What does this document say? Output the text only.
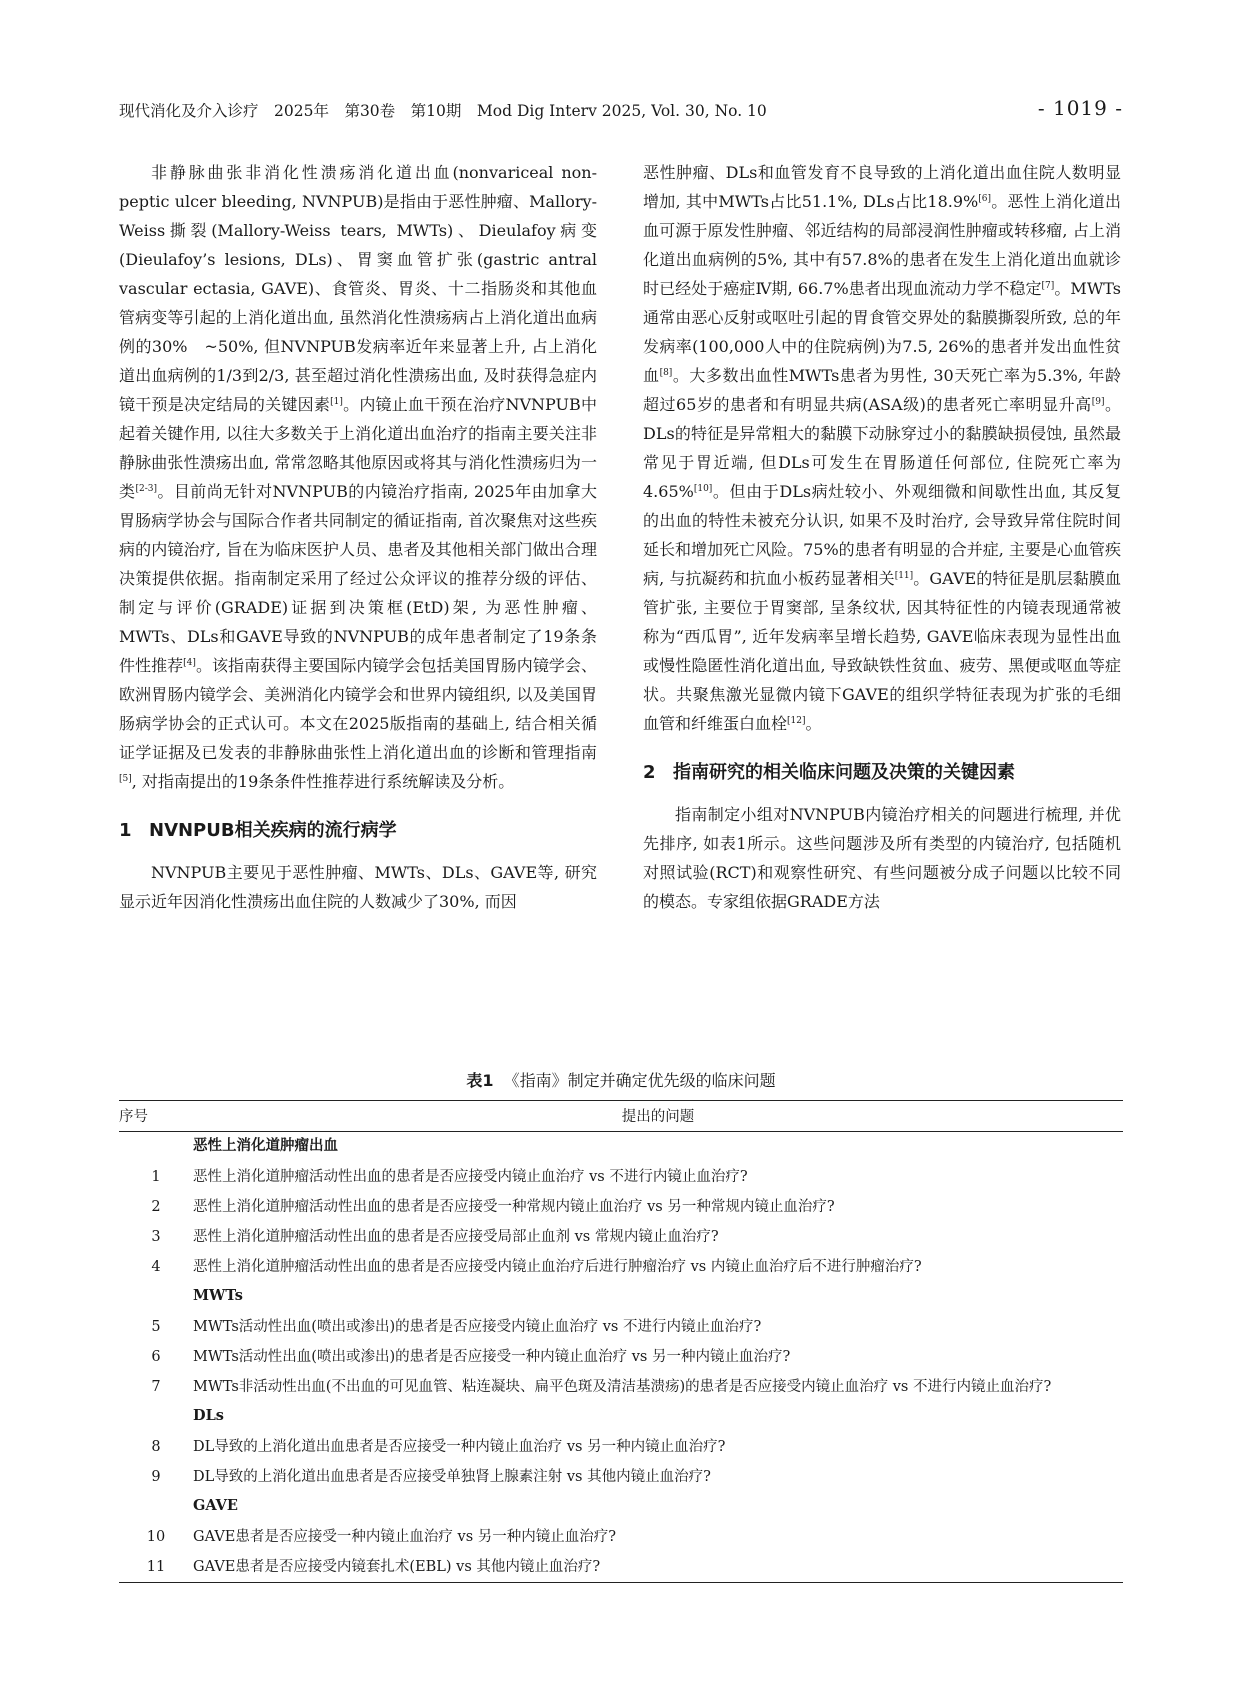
现代消化及介入诊疗　2025年　第30卷　第10期　Mod Dig Interv 2025, Vol. 30, No. 10	- 1019 -

非静脉曲张非消化性溃疡消化道出血(nonvariceal non-peptic ulcer bleeding, NVNPUB)是指由于恶性肿瘤、Mallory-Weiss撕裂(Mallory-Weiss tears, MWTs)、Dieulafoy病变(Dieulafoy’s lesions, DLs)、胃窦血管扩张(gastric antral vascular ectasia, GAVE)、食管炎、胃炎、十二指肠炎和其他血管病变等引起的上消化道出血, 虽然消化性溃疡病占上消化道出血病例的30%　~50%, 但NVNPUB发病率近年来显著上升, 占上消化道出血病例的1/3到2/3, 甚至超过消化性溃疡出血, 及时获得急症内镜干预是决定结局的关键因素[1]。内镜止血干预在治疗NVNPUB中起着关键作用, 以往大多数关于上消化道出血治疗的指南主要关注非静脉曲张性溃疡出血, 常常忽略其他原因或将其与消化性溃疡归为一类[2-3]。目前尚无针对NVNPUB的内镜治疗指南, 2025年由加拿大胃肠病学协会与国际合作者共同制定的循证指南, 首次聚焦对这些疾病的内镜治疗, 旨在为临床医护人员、患者及其他相关部门做出合理决策提供依据。指南制定采用了经过公众评议的推荐分级的评估、制定与评价(GRADE)证据到决策框(EtD)架, 为恶性肿瘤、MWTs、DLs和GAVE导致的NVNPUB的成年患者制定了19条条件性推荐[4]。该指南获得主要国际内镜学会包括美国胃肠内镜学会、欧洲胃肠内镜学会、美洲消化内镜学会和世界内镜组织, 以及美国胃肠病学协会的正式认可。本文在2025版指南的基础上, 结合相关循证学证据及已发表的非静脉曲张性上消化道出血的诊断和管理指南[5], 对指南提出的19条条件性推荐进行系统解读及分析。

1 NVNPUB相关疾病的流行病学

NVNPUB主要见于恶性肿瘤、MWTs、DLs、GAVE等, 研究显示近年因消化性溃疡出血住院的人数减少了30%, 而因

恶性肿瘤、DLs和血管发育不良导致的上消化道出血住院人数明显增加, 其中MWTs占比51.1%, DLs占比18.9%[6]。恶性上消化道出血可源于原发性肿瘤、邻近结构的局部浸润性肿瘤或转移瘤, 占上消化道出血病例的5%, 其中有57.8%的患者在发生上消化道出血就诊时已经处于癌症Ⅳ期, 66.7%患者出现血流动力学不稳定[7]。MWTs通常由恶心反射或呕吐引起的胃食管交界处的黏膜撕裂所致, 总的年发病率(100,000人中的住院病例)为7.5, 26%的患者并发出血性贫血[8]。大多数出血性MWTs患者为男性, 30天死亡率为5.3%, 年龄超过65岁的患者和有明显共病(ASA级)的患者死亡率明显升高[9]。DLs的特征是异常粗大的黏膜下动脉穿过小的黏膜缺损侵蚀, 虽然最常见于胃近端, 但DLs可发生在胃肠道任何部位, 住院死亡率为4.65%[10]。但由于DLs病灶较小、外观细微和间歇性出血, 其反复的出血的特性未被充分认识, 如果不及时治疗, 会导致异常住院时间延长和增加死亡风险。75%的患者有明显的合并症, 主要是心血管疾病, 与抗凝药和抗血小板药显著相关[11]。GAVE的特征是肌层黏膜血管扩张, 主要位于胃窦部, 呈条纹状, 因其特征性的内镜表现通常被称为“西瓜胃”, 近年发病率呈增长趋势, GAVE临床表现为显性出血或慢性隐匿性消化道出血, 导致缺铁性贫血、疲劳、黑便或呕血等症状。共聚焦激光显微内镜下GAVE的组织学特征表现为扩张的毛细血管和纤维蛋白血栓[12]。

2 指南研究的相关临床问题及决策的关键因素

指南制定小组对NVNPUB内镜治疗相关的问题进行梳理, 并优先排序, 如表1所示。这些问题涉及所有类型的内镜治疗, 包括随机对照试验(RCT)和观察性研究、有些问题被分成子问题以比较不同的模态。专家组依据GRADE方法

表1 《指南》制定并确定优先级的临床问题
序号	提出的问题
	恶性上消化道肿瘤出血
1	恶性上消化道肿瘤活动性出血的患者是否应接受内镜止血治疗 vs 不进行内镜止血治疗?
2	恶性上消化道肿瘤活动性出血的患者是否应接受一种常规内镜止血治疗 vs 另一种常规内镜止血治疗?
3	恶性上消化道肿瘤活动性出血的患者是否应接受局部止血剂 vs 常规内镜止血治疗?
4	恶性上消化道肿瘤活动性出血的患者是否应接受内镜止血治疗后进行肿瘤治疗 vs 内镜止血治疗后不进行肿瘤治疗?
	MWTs
5	MWTs活动性出血(喷出或渗出)的患者是否应接受内镜止血治疗 vs 不进行内镜止血治疗?
6	MWTs活动性出血(喷出或渗出)的患者是否应接受一种内镜止血治疗 vs 另一种内镜止血治疗?
7	MWTs非活动性出血(不出血的可见血管、粘连凝块、扁平色斑及清洁基溃疡)的患者是否应接受内镜止血治疗 vs 不进行内镜止血治疗?
	DLs
8	DL导致的上消化道出血患者是否应接受一种内镜止血治疗 vs 另一种内镜止血治疗?
9	DL导致的上消化道出血患者是否应接受单独肾上腺素注射 vs 其他内镜止血治疗?
	GAVE
10	GAVE患者是否应接受一种内镜止血治疗 vs 另一种内镜止血治疗?
11	GAVE患者是否应接受内镜套扎术(EBL) vs 其他内镜止血治疗?
